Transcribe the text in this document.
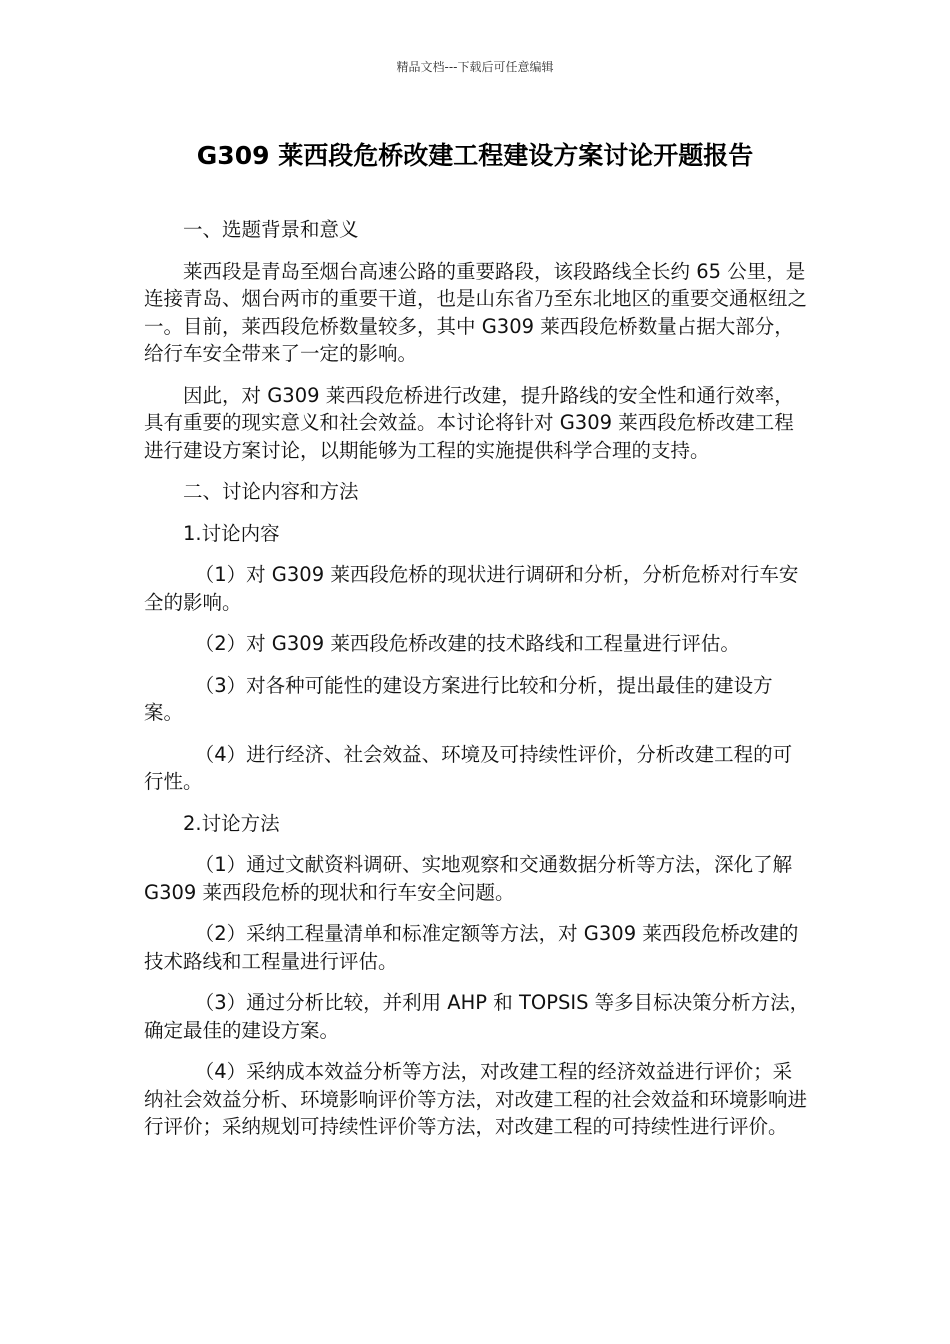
精品文档---下载后可任意编辑
G309 莱西段危桥改建工程建设方案讨论开题报告

一、选题背景和意义

莱西段是青岛至烟台高速公路的重要路段，该段路线全长约 65 公里，是连接青岛、烟台两市的重要干道，也是山东省乃至东北地区的重要交通枢纽之一。目前，莱西段危桥数量较多，其中 G309 莱西段危桥数量占据大部分，给行车安全带来了一定的影响。

因此，对 G309 莱西段危桥进行改建，提升路线的安全性和通行效率，具有重要的现实意义和社会效益。本讨论将针对 G309 莱西段危桥改建工程进行建设方案讨论，以期能够为工程的实施提供科学合理的支持。

二、讨论内容和方法

1.讨论内容

（1）对 G309 莱西段危桥的现状进行调研和分析，分析危桥对行车安全的影响。

（2）对 G309 莱西段危桥改建的技术路线和工程量进行评估。

（3）对各种可能性的建设方案进行比较和分析，提出最佳的建设方案。

（4）进行经济、社会效益、环境及可持续性评价，分析改建工程的可行性。

2.讨论方法

（1）通过文献资料调研、实地观察和交通数据分析等方法，深化了解 G309 莱西段危桥的现状和行车安全问题。

（2）采纳工程量清单和标准定额等方法，对 G309 莱西段危桥改建的技术路线和工程量进行评估。

（3）通过分析比较，并利用 AHP 和 TOPSIS 等多目标决策分析方法，确定最佳的建设方案。

（4）采纳成本效益分析等方法，对改建工程的经济效益进行评价；采纳社会效益分析、环境影响评价等方法，对改建工程的社会效益和环境影响进行评价；采纳规划可持续性评价等方法，对改建工程的可持续性进行评价。
